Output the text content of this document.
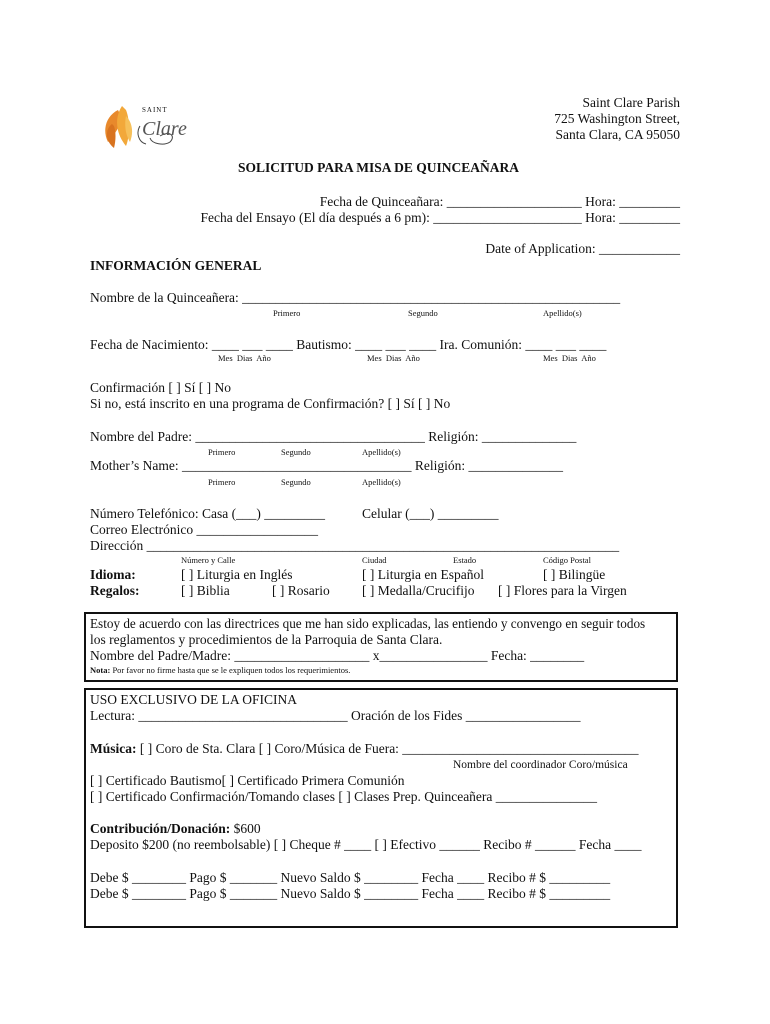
SAINT
Clare
Saint Clare Parish
725 Washington Street,
Santa Clara, CA 95050
SOLICITUD PARA MISA DE QUINCEAÑARA
Fecha de Quinceañara: ____________________ Hora: _________
Fecha del Ensayo (El día después a 6 pm): ______________________ Hora: _________
Date of Application: ____________
INFORMACIÓN GENERAL
Nombre de la Quinceañera: ________________________________________________________
Primero	Segundo	Apellido(s)
Fecha de Nacimiento: ____ ___ ____ Bautismo: ____ ___ ____ Ira. Comunión: ____ ___ ____
Mes  Dias  Año	Mes  Dias  Año	Mes  Dias  Año
Confirmación [ ] Sí [ ] No
Si no, está inscrito en una programa de Confirmación? [ ] Sí [ ] No
Nombre del Padre: __________________________________ Religión: ______________
Primero	Segundo	Apellido(s)
Mother’s Name: __________________________________ Religión: ______________
Primero	Segundo	Apellido(s)
Número Telefónico: Casa (___) _________	Celular (___) _________
Correo Electrónico __________________
Dirección ______________________________________________________________________
Número y Calle	Ciudad	Estado	Código Postal
Idioma:	[ ] Liturgia en Inglés	[ ] Liturgia en Español	[ ] Bilingüe
Regalos:	[ ] Biblia	[ ] Rosario [ ] Medalla/Crucifijo [ ] Flores para la Virgen
Estoy de acuerdo con las directrices que me han sido explicadas, las entiendo y convengo en seguir todos
los reglamentos y procedimientos de la Parroquia de Santa Clara.
Nombre del Padre/Madre: ____________________ x________________ Fecha: ________
Nota: Por favor no firme hasta que se le expliquen todos los requerimientos.
USO EXCLUSIVO DE LA OFICINA
Lectura: _______________________________ Oración de los Fides _________________
Música: [ ] Coro de Sta. Clara [ ] Coro/Música de Fuera: ___________________________________
Nombre del coordinador Coro/música
[ ] Certificado Bautismo[ ] Certificado Primera Comunión
[ ] Certificado Confirmación/Tomando clases [ ] Clases Prep. Quinceañera _______________
Contribución/Donación: $600
Deposito $200 (no reembolsable) [ ] Cheque # ____ [ ] Efectivo ______ Recibo # ______ Fecha ____
Debe $ ________ Pago $ _______ Nuevo Saldo $ ________ Fecha ____ Recibo # $ _________
Debe $ ________ Pago $ _______ Nuevo Saldo $ ________ Fecha ____ Recibo # $ _________
